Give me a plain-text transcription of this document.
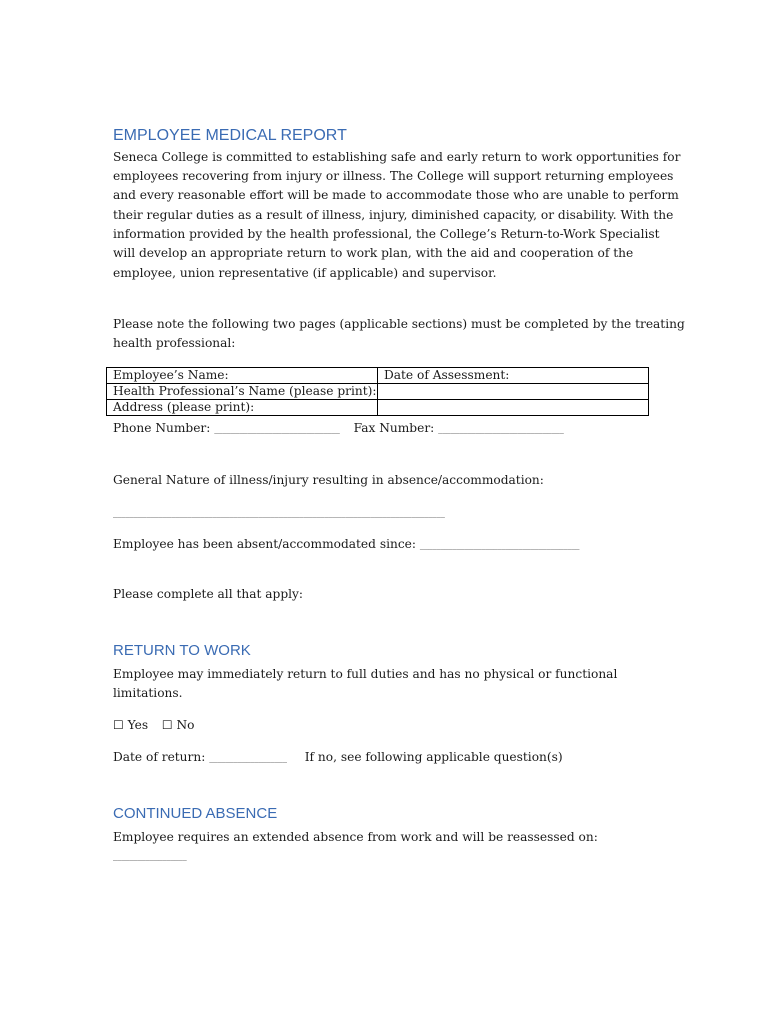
EMPLOYEE MEDICAL REPORT

Seneca College is committed to establishing safe and early return to work opportunities for

employees recovering from injury or illness. The College will support returning employees

and every reasonable effort will be made to accommodate those who are unable to perform

their regular duties as a result of illness, injury, diminished capacity, or disability. With the

information provided by the health professional, the College’s Return-to-Work Specialist

will develop an appropriate return to work plan, with the aid and cooperation of the

employee, union representative (if applicable) and supervisor.

Please note the following two pages (applicable sections) must be completed by the treating

health professional:

Employee’s Name:	Date of Assessment:
Health Professional’s Name (please print):	
Address (please print):	

Phone Number: ______________________________ Fax Number: ______________________________

General Nature of illness/injury resulting in absence/accommodation:

________________________________________________________________________________

Employee has been absent/accommodated since: _______________________________________

Please complete all that apply:

RETURN TO WORK

Employee may immediately return to full duties and has no physical or functional

limitations.

☐ Yes ☐ No

Date of return: ___________________ If no, see following applicable question(s)

CONTINUED ABSENCE

Employee requires an extended absence from work and will be reassessed on:

__________________
